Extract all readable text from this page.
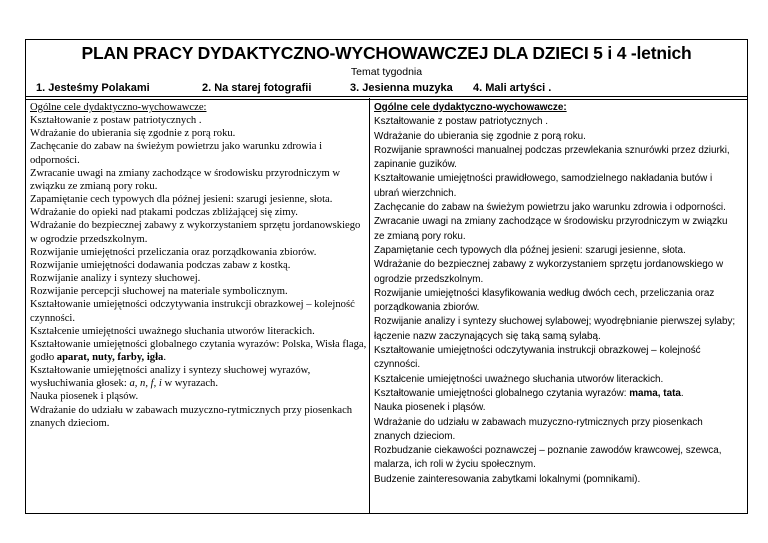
PLAN PRACY DYDAKTYCZNO-WYCHOWAWCZEJ DLA DZIECI 5 i 4 -letnich
Temat tygodnia
1. Jesteśmy Polakami	2. Na starej fotografii	3. Jesienna muzyka 4. Mali artyści .
Ogólne cele dydaktyczno-wychowawcze:
Kształtowanie z postaw patriotycznych .
Wdrażanie do ubierania się zgodnie z porą roku.
Zachęcanie do zabaw na świeżym powietrzu jako warunku zdrowia i odporności.
Zwracanie uwagi na zmiany zachodzące w środowisku przyrodniczym w związku ze zmianą pory roku.
Zapamiętanie cech typowych dla późnej jesieni: szarugi jesienne, słota.
Wdrażanie do opieki nad ptakami podczas zbliżającej się zimy.
Wdrażanie do bezpiecznej zabawy z wykorzystaniem sprzętu jordanowskiego w ogrodzie przedszkolnym.
Rozwijanie umiejętności przeliczania oraz porządkowania zbiorów.
Rozwijanie umiejętności dodawania podczas zabaw z kostką.
Rozwijanie analizy i syntezy słuchowej.
Rozwijanie percepcji słuchowej na materiale symbolicznym.
Kształtowanie umiejętności odczytywania instrukcji obrazkowej – kolejność czynności.
Kształcenie umiejętności uważnego słuchania utworów literackich.
Kształtowanie umiejętności globalnego czytania wyrazów: Polska, Wisła flaga, godło aparat, nuty, farby, igła.
Kształtowanie umiejętności analizy i syntezy słuchowej wyrazów, wysłuchiwania głosek: a, n, f, i w wyrazach.
Nauka piosenek i pląsów.
Wdrażanie do udziału w zabawach muzyczno-rytmicznych przy piosenkach znanych dzieciom.
Ogólne cele dydaktyczno-wychowawcze:
Kształtowanie z postaw patriotycznych .
Wdrażanie do ubierania się zgodnie z porą roku.
Rozwijanie sprawności manualnej podczas przewlekania sznurówki przez dziurki, zapinanie guzików.
Kształtowanie umiejętności prawidłowego, samodzielnego nakładania butów i ubrań wierzchnich.
Zachęcanie do zabaw na świeżym powietrzu jako warunku zdrowia i odporności.
Zwracanie uwagi na zmiany zachodzące w środowisku przyrodniczym w związku ze zmianą pory roku.
Zapamiętanie cech typowych dla późnej jesieni: szarugi jesienne, słota.
Wdrażanie do bezpiecznej zabawy z wykorzystaniem sprzętu jordanowskiego w ogrodzie przedszkolnym.
Rozwijanie umiejętności klasyfikowania według dwóch cech, przeliczania oraz porządkowania zbiorów.
Rozwijanie analizy i syntezy słuchowej sylabowej; wyodrębnianie pierwszej sylaby; łączenie nazw zaczynających się taką samą sylabą.
Kształtowanie umiejętności odczytywania instrukcji obrazkowej – kolejność czynności.
Kształcenie umiejętności uważnego słuchania utworów literackich.
Kształtowanie umiejętności globalnego czytania wyrazów: mama, tata.
Nauka piosenek i pląsów.
Wdrażanie do udziału w zabawach muzyczno-rytmicznych przy piosenkach znanych dzieciom.
Rozbudzanie ciekawości poznawczej – poznanie zawodów krawcowej, szewca, malarza, ich roli w życiu społecznym.
Budzenie zainteresowania zabytkami lokalnymi (pomnikami).
